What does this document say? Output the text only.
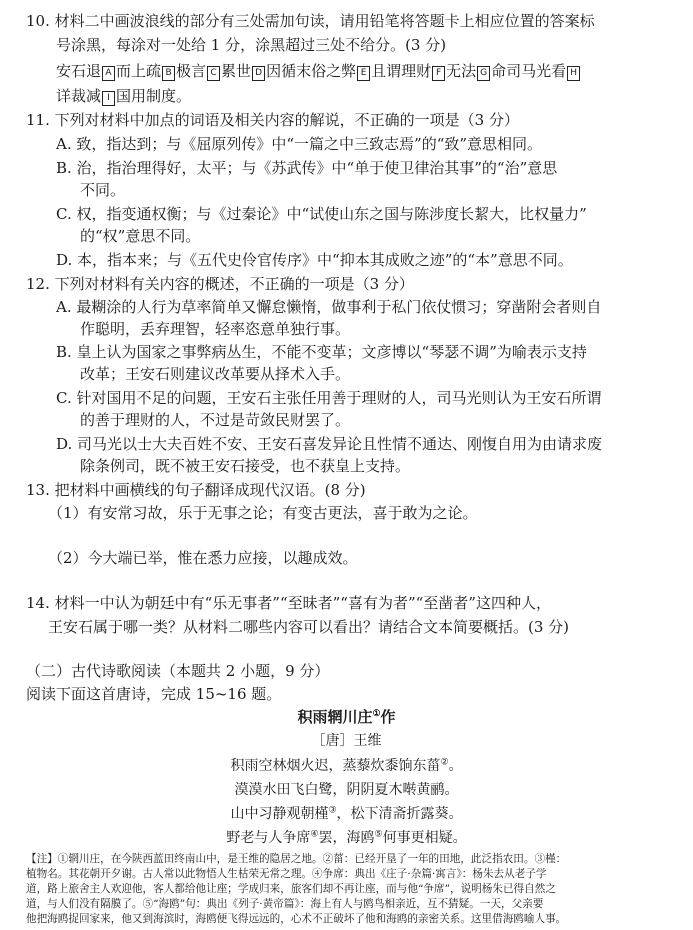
10. 材料二中画波浪线的部分有三处需加句读，请用铅笔将答题卡上相应位置的答案标
号涂黑，每涂对一处给 1 分，涂黑超过三处不给分。(3 分)
安石退 A 而上疏 B 极言 C 累世 D 因循末俗之弊 E 且谓理财 F 无法 G 命司马光看 H
详裁减 I 国用制度。
11. 下列对材料中加点的词语及相关内容的解说，不正确的一项是（3 分）
A. 致，指达到；与《屈原列传》中“一篇之中三致志焉”的“致”意思相同。
B. 治，指治理得好，太平；与《苏武传》中“单于使卫律治其事”的“治”意思
不同。
C. 权，指变通权衡；与《过秦论》中“试使山东之国与陈涉度长絜大，比权量力”
的“权”意思不同。
D. 本，指本来；与《五代史伶官传序》中“抑本其成败之迹”的“本”意思不同。
12. 下列对材料有关内容的概述，不正确的一项是（3 分）
A. 最糊涂的人行为草率简单又懈怠懒惰，做事利于私门依仗惯习；穿凿附会者则自
作聪明，丢弃理智，轻率恣意单独行事。
B. 皇上认为国家之事弊病丛生，不能不变革；文彦博以“琴瑟不调”为喻表示支持
改革；王安石则建议改革要从择术入手。
C. 针对国用不足的问题，王安石主张任用善于理财的人，司马光则认为王安石所谓
的善于理财的人，不过是苛敛民财罢了。
D. 司马光以士大夫百姓不安、王安石喜发异论且性情不通达、刚愎自用为由请求废
除条例司，既不被王安石接受，也不获皇上支持。
13. 把材料中画横线的句子翻译成现代汉语。(8 分)
（1）有安常习故，乐于无事之论；有变古更法，喜于敢为之论。
（2）今大端已举，惟在悉力应接，以趣成效。
14. 材料一中认为朝廷中有“乐无事者”“至昧者”“喜有为者”“至凿者”这四种人，
王安石属于哪一类？从材料二哪些内容可以看出？请结合文本简要概括。(3 分)
（二）古代诗歌阅读（本题共 2 小题，9 分）
阅读下面这首唐诗，完成 15~16 题。
积雨辋川庄①作
［唐］王维
积雨空林烟火迟，蒸藜炊黍饷东菑②。
漠漠水田飞白鹭，阴阴夏木啭黄鹂。
山中习静观朝槿③，松下清斋折露葵。
野老与人争席④罢，海鸥⑤何事更相疑。
【注】①辋川庄，在今陕西蓝田终南山中，是王维的隐居之地。②菑：已经开垦了一年的田地，此泛指农田。③槿：
植物名。其花朝开夕谢。古人常以此物悟人生枯荣无常之理。④争席：典出《庄子·杂篇·寓言》：杨朱去从老子学
道，路上旅舍主人欢迎他，客人都给他让座；学成归来，旅客们却不再让座，而与他“争席”，说明杨朱已得自然之
道，与人们没有隔膜了。⑤“海鸥”句：典出《列子·黄帝篇》：海上有人与鸥鸟相亲近，互不猜疑。一天，父亲要
他把海鸥捉回家来，他又到海滨时，海鸥便飞得远远的，心术不正破坏了他和海鸥的亲密关系。这里借海鸥喻人事。
